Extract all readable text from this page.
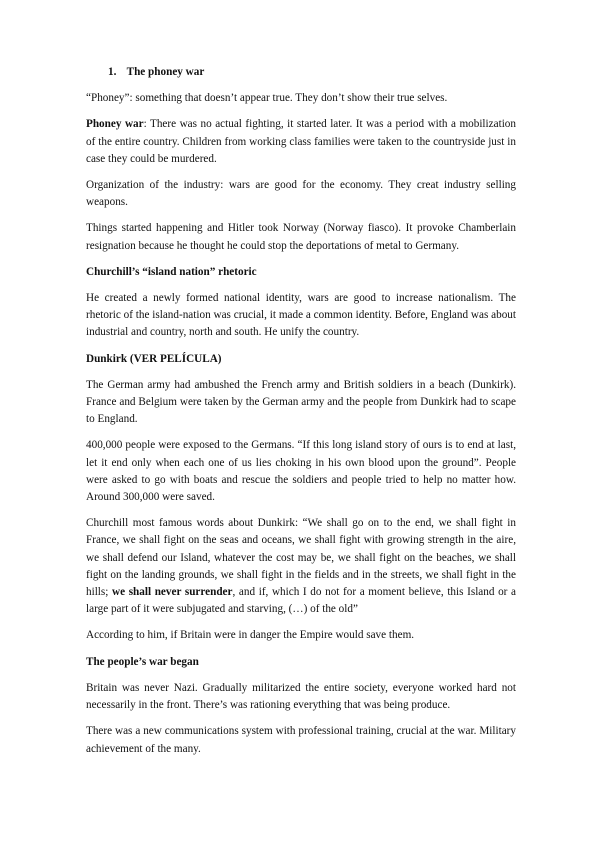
1. The phoney war

“Phoney”: something that doesn’t appear true. They don’t show their true selves.

Phoney war: There was no actual fighting, it started later. It was a period with a mobilization of the entire country. Children from working class families were taken to the countryside just in case they could be murdered.

Organization of the industry: wars are good for the economy. They creat industry selling weapons.

Things started happening and Hitler took Norway (Norway fiasco). It provoke Chamberlain resignation because he thought he could stop the deportations of metal to Germany.

Churchill’s “island nation” rhetoric

He created a newly formed national identity, wars are good to increase nationalism. The rhetoric of the island-nation was crucial, it made a common identity. Before, England was about industrial and country, north and south. He unify the country.

Dunkirk (VER PELÍCULA)

The German army had ambushed the French army and British soldiers in a beach (Dunkirk). France and Belgium were taken by the German army and the people from Dunkirk had to scape to England.

400,000 people were exposed to the Germans. “If this long island story of ours is to end at last, let it end only when each one of us lies choking in his own blood upon the ground”. People were asked to go with boats and rescue the soldiers and people tried to help no matter how. Around 300,000 were saved.

Churchill most famous words about Dunkirk: “We shall go on to the end, we shall fight in France, we shall fight on the seas and oceans, we shall fight with growing strength in the aire, we shall defend our Island, whatever the cost may be, we shall fight on the beaches, we shall fight on the landing grounds, we shall fight in the fields and in the streets, we shall fight in the hills; we shall never surrender, and if, which I do not for a moment believe, this Island or a large part of it were subjugated and starving, (…) of the old”

According to him, if Britain were in danger the Empire would save them.

The people’s war began

Britain was never Nazi. Gradually militarized the entire society, everyone worked hard not necessarily in the front. There’s was rationing everything that was being produce.

There was a new communications system with professional training, crucial at the war. Military achievement of the many.
